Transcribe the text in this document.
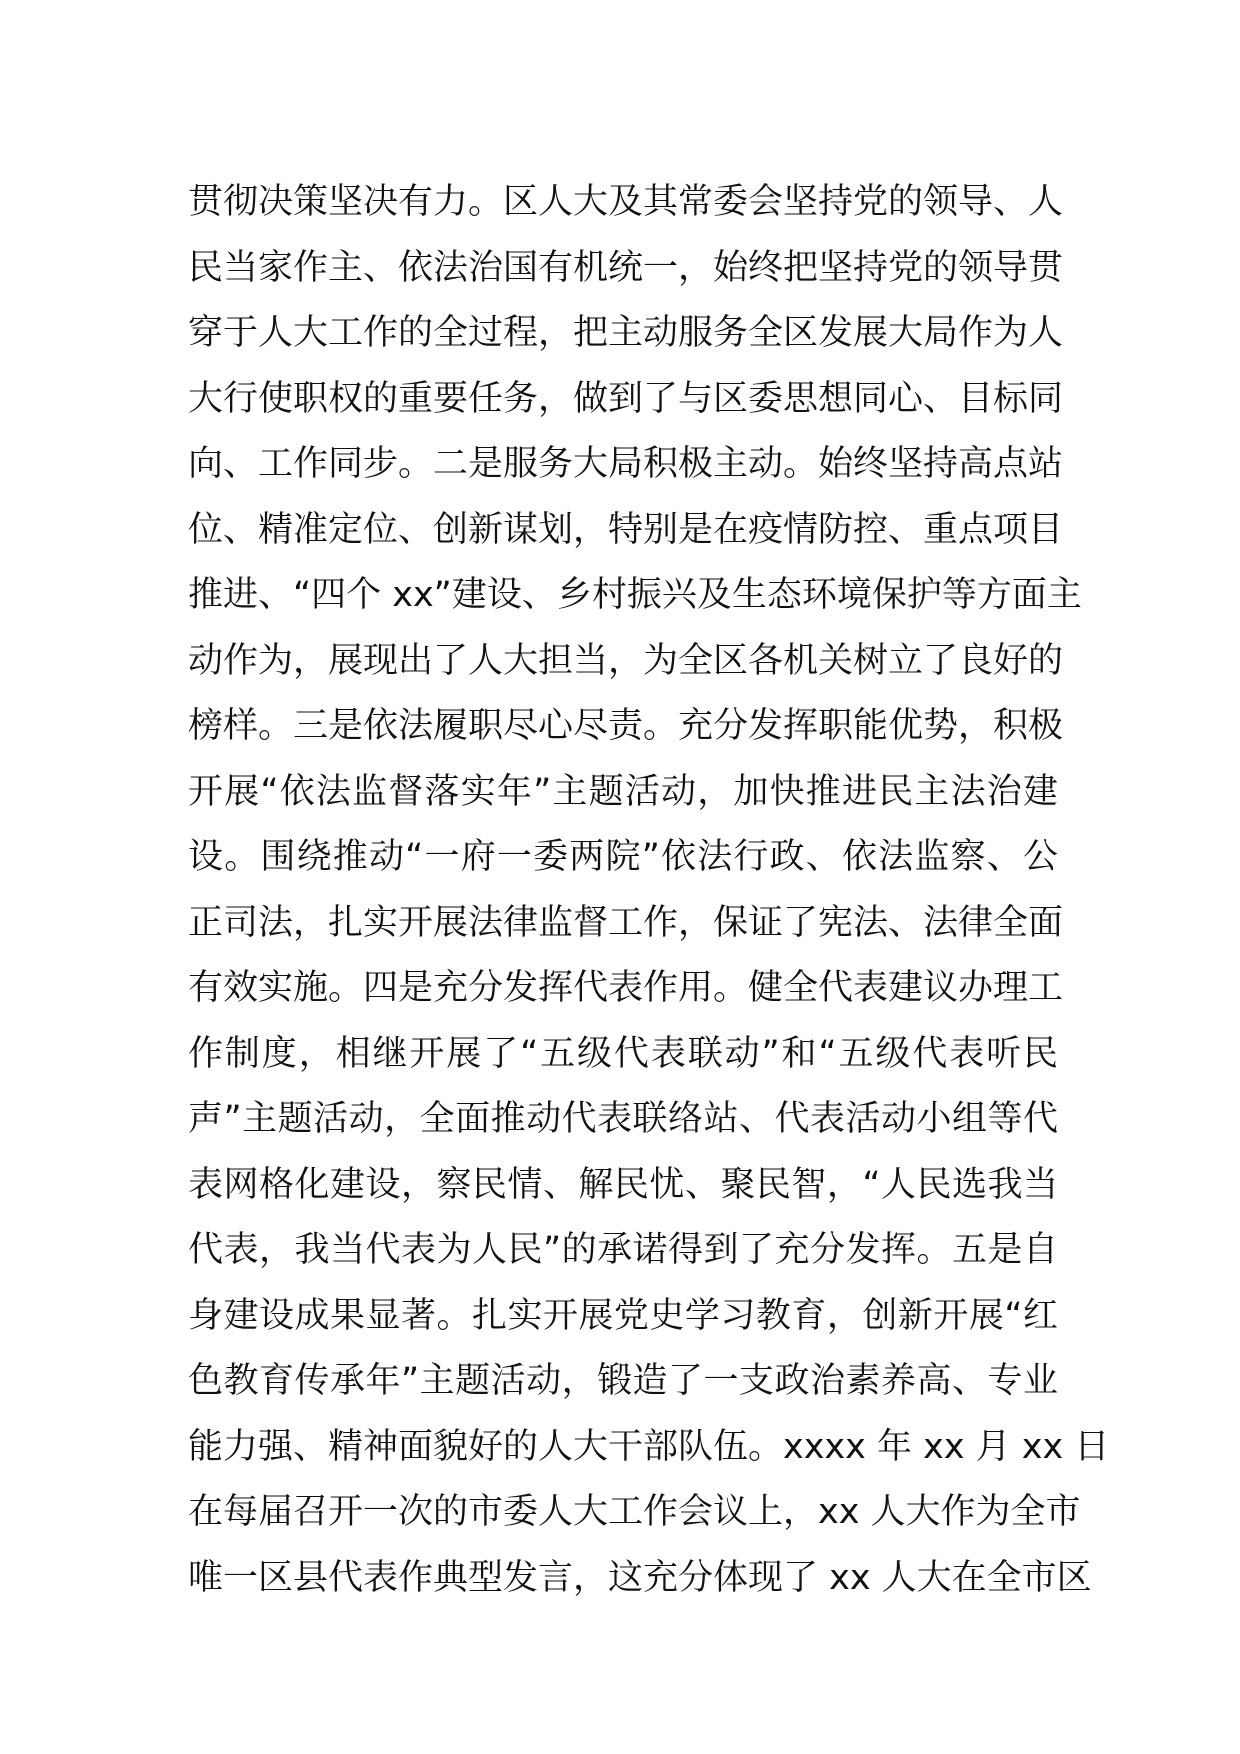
贯彻决策坚决有力。区人大及其常委会坚持党的领导、人
民当家作主、依法治国有机统一，始终把坚持党的领导贯
穿于人大工作的全过程，把主动服务全区发展大局作为人
大行使职权的重要任务，做到了与区委思想同心、目标同
向、工作同步。二是服务大局积极主动。始终坚持高点站
位、精准定位、创新谋划，特别是在疫情防控、重点项目
推进、“四个 xx”建设、乡村振兴及生态环境保护等方面主
动作为，展现出了人大担当，为全区各机关树立了良好的
榜样。三是依法履职尽心尽责。充分发挥职能优势，积极
开展“依法监督落实年”主题活动，加快推进民主法治建
设。围绕推动“一府一委两院”依法行政、依法监察、公
正司法，扎实开展法律监督工作，保证了宪法、法律全面
有效实施。四是充分发挥代表作用。健全代表建议办理工
作制度，相继开展了“五级代表联动”和“五级代表听民
声”主题活动，全面推动代表联络站、代表活动小组等代
表网格化建设，察民情、解民忧、聚民智，“人民选我当
代表，我当代表为人民”的承诺得到了充分发挥。五是自
身建设成果显著。扎实开展党史学习教育，创新开展“红
色教育传承年”主题活动，锻造了一支政治素养高、专业
能力强、精神面貌好的人大干部队伍。xxxx 年 xx 月 xx 日
在每届召开一次的市委人大工作会议上，xx 人大作为全市
唯一区县代表作典型发言，这充分体现了 xx 人大在全市区
